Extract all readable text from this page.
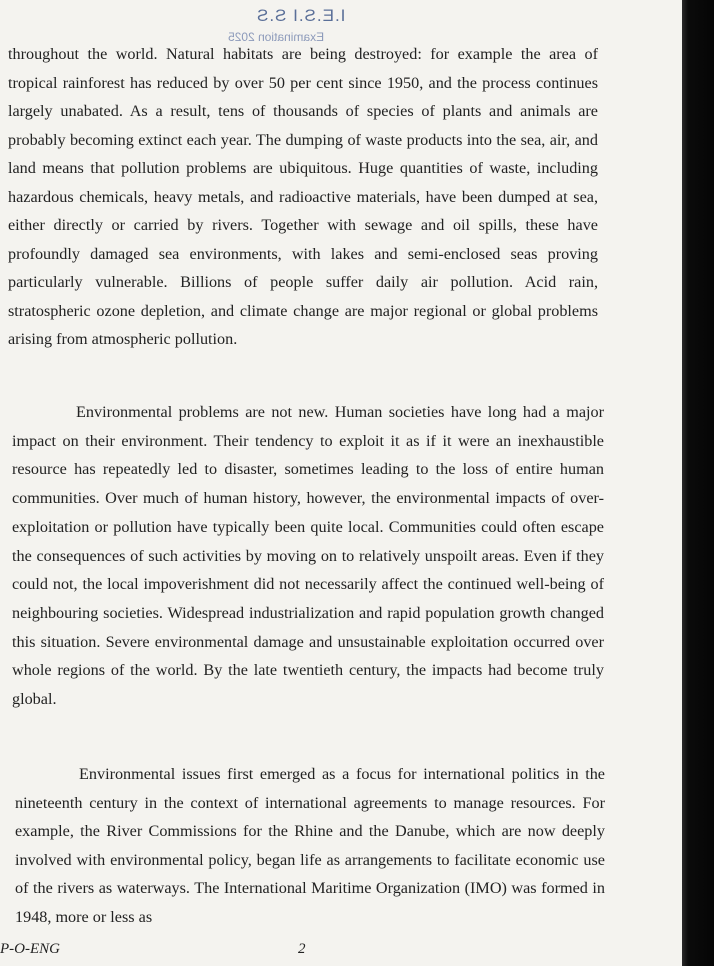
I.E.S.I S.S
Examination 2025

throughout the world. Natural habitats are being destroyed: for example the area of tropical rainforest has reduced by over 50 per cent since 1950, and the process continues largely unabated. As a result, tens of thousands of species of plants and animals are probably becoming extinct each year. The dumping of waste products into the sea, air, and land means that pollution problems are ubiquitous. Huge quantities of waste, including hazardous chemicals, heavy metals, and radioactive materials, have been dumped at sea, either directly or carried by rivers. Together with sewage and oil spills, these have profoundly damaged sea environments, with lakes and semi-enclosed seas proving particularly vulnerable. Billions of people suffer daily air pollution. Acid rain, stratospheric ozone depletion, and climate change are major regional or global problems arising from atmospheric pollution.

Environmental problems are not new. Human societies have long had a major impact on their environment. Their tendency to exploit it as if it were an inexhaustible resource has repeatedly led to disaster, sometimes leading to the loss of entire human communities. Over much of human history, however, the environmental impacts of over-exploitation or pollution have typically been quite local. Communities could often escape the consequences of such activities by moving on to relatively unspoilt areas. Even if they could not, the local impoverishment did not necessarily affect the continued well-being of neighbouring societies. Widespread industrialization and rapid population growth changed this situation. Severe environmental damage and unsustainable exploitation occurred over whole regions of the world. By the late twentieth century, the impacts had become truly global.

Environmental issues first emerged as a focus for international politics in the nineteenth century in the context of international agreements to manage resources. For example, the River Commissions for the Rhine and the Danube, which are now deeply involved with environmental policy, began life as arrangements to facilitate economic use of the rivers as waterways. The International Maritime Organization (IMO) was formed in 1948, more or less as

P-O-ENG	2
